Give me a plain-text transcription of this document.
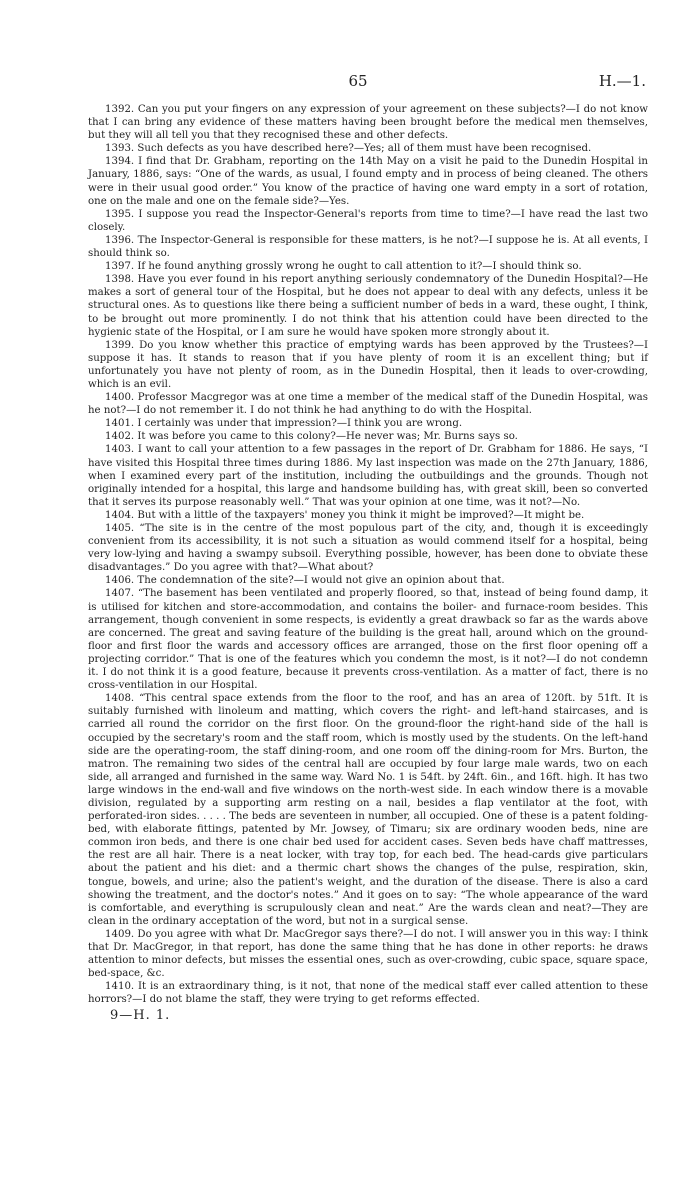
65	H.—1.

1392. Can you put your fingers on any expression of your agreement on these subjects?—I do not know that I can bring any evidence of these matters having been brought before the medical men themselves, but they will all tell you that they recognised these and other defects.

1393. Such defects as you have described here?—Yes; all of them must have been recognised.

1394. I find that Dr. Grabham, reporting on the 14th May on a visit he paid to the Dunedin Hospital in January, 1886, says: “One of the wards, as usual, I found empty and in process of being cleaned. The others were in their usual good order.” You know of the practice of having one ward empty in a sort of rotation, one on the male and one on the female side?—Yes.

1395. I suppose you read the Inspector-General's reports from time to time?—I have read the last two closely.

1396. The Inspector-General is responsible for these matters, is he not?—I suppose he is. At all events, I should think so.

1397. If he found anything grossly wrong he ought to call attention to it?—I should think so.

1398. Have you ever found in his report anything seriously condemnatory of the Dunedin Hospital?—He makes a sort of general tour of the Hospital, but he does not appear to deal with any defects, unless it be structural ones. As to questions like there being a sufficient number of beds in a ward, these ought, I think, to be brought out more prominently. I do not think that his attention could have been directed to the hygienic state of the Hospital, or I am sure he would have spoken more strongly about it.

1399. Do you know whether this practice of emptying wards has been approved by the Trustees?—I suppose it has. It stands to reason that if you have plenty of room it is an excellent thing; but if unfortunately you have not plenty of room, as in the Dunedin Hospital, then it leads to over-crowding, which is an evil.

1400. Professor Macgregor was at one time a member of the medical staff of the Dunedin Hospital, was he not?—I do not remember it. I do not think he had anything to do with the Hospital.

1401. I certainly was under that impression?—I think you are wrong.

1402. It was before you came to this colony?—He never was; Mr. Burns says so.

1403. I want to call your attention to a few passages in the report of Dr. Grabham for 1886. He says, “I have visited this Hospital three times during 1886. My last inspection was made on the 27th January, 1886, when I examined every part of the institution, including the outbuildings and the grounds. Though not originally intended for a hospital, this large and handsome building has, with great skill, been so converted that it serves its purpose reasonably well.” That was your opinion at one time, was it not?—No.

1404. But with a little of the taxpayers' money you think it might be improved?—It might be.

1405. “The site is in the centre of the most populous part of the city, and, though it is exceedingly convenient from its accessibility, it is not such a situation as would commend itself for a hospital, being very low-lying and having a swampy subsoil. Everything possible, however, has been done to obviate these disadvantages.” Do you agree with that?—What about?

1406. The condemnation of the site?—I would not give an opinion about that.

1407. “The basement has been ventilated and properly floored, so that, instead of being found damp, it is utilised for kitchen and store-accommodation, and contains the boiler- and furnace-room besides. This arrangement, though convenient in some respects, is evidently a great drawback so far as the wards above are concerned. The great and saving feature of the building is the great hall, around which on the ground-floor and first floor the wards and accessory offices are arranged, those on the first floor opening off a projecting corridor.” That is one of the features which you condemn the most, is it not?—I do not condemn it. I do not think it is a good feature, because it prevents cross-ventilation. As a matter of fact, there is no cross-ventilation in our Hospital.

1408. “This central space extends from the floor to the roof, and has an area of 120ft. by 51ft. It is suitably furnished with linoleum and matting, which covers the right- and left-hand staircases, and is carried all round the corridor on the first floor. On the ground-floor the right-hand side of the hall is occupied by the secretary's room and the staff room, which is mostly used by the students. On the left-hand side are the operating-room, the staff dining-room, and one room off the dining-room for Mrs. Burton, the matron. The remaining two sides of the central hall are occupied by four large male wards, two on each side, all arranged and furnished in the same way. Ward No. 1 is 54ft. by 24ft. 6in., and 16ft. high. It has two large windows in the end-wall and five windows on the north-west side. In each window there is a movable division, regulated by a supporting arm resting on a nail, besides a flap ventilator at the foot, with perforated-iron sides. . . . . The beds are seventeen in number, all occupied. One of these is a patent folding-bed, with elaborate fittings, patented by Mr. Jowsey, of Timaru; six are ordinary wooden beds, nine are common iron beds, and there is one chair bed used for accident cases. Seven beds have chaff mattresses, the rest are all hair. There is a neat locker, with tray top, for each bed. The head-cards give particulars about the patient and his diet: and a thermic chart shows the changes of the pulse, respiration, skin, tongue, bowels, and urine; also the patient's weight, and the duration of the disease. There is also a card showing the treatment, and the doctor's notes.” And it goes on to say: “The whole appearance of the ward is comfortable, and everything is scrupulously clean and neat.” Are the wards clean and neat?—They are clean in the ordinary acceptation of the word, but not in a surgical sense.

1409. Do you agree with what Dr. MacGregor says there?—I do not. I will answer you in this way: I think that Dr. MacGregor, in that report, has done the same thing that he has done in other reports: he draws attention to minor defects, but misses the essential ones, such as over-crowding, cubic space, square space, bed-space, &c.

1410. It is an extraordinary thing, is it not, that none of the medical staff ever called attention to these horrors?—I do not blame the staff, they were trying to get reforms effected.

9—H. 1.
